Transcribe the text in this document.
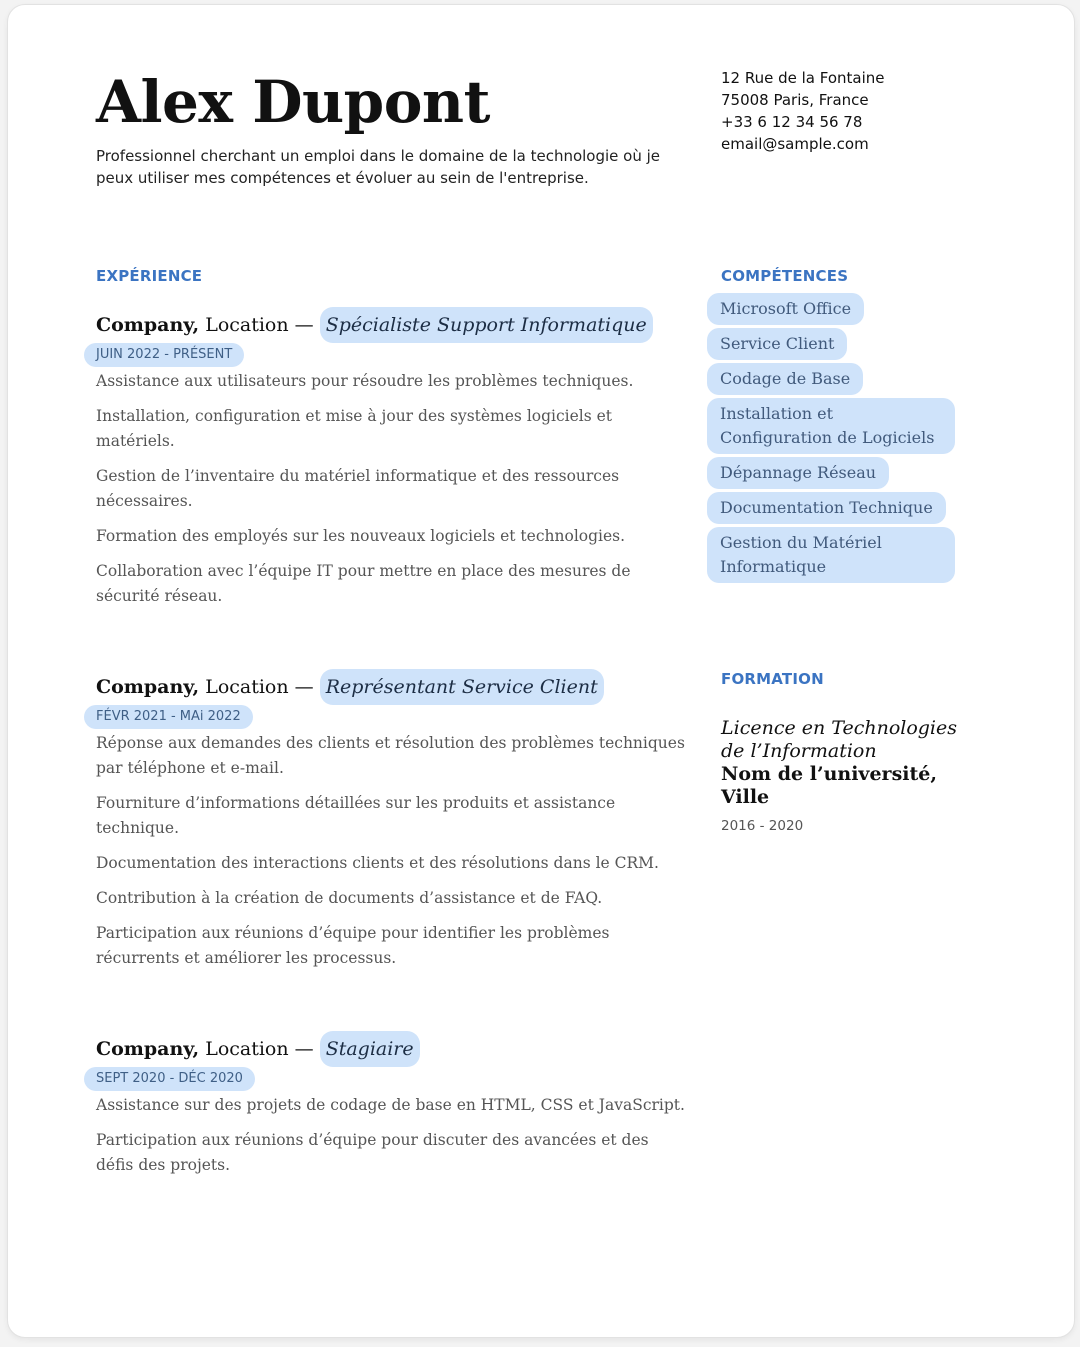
Alex Dupont
Professionnel cherchant un emploi dans le domaine de la technologie où je peux utiliser mes compétences et évoluer au sein de l'entreprise.
12 Rue de la Fontaine
75008 Paris, France
+33 6 12 34 56 78
email@sample.com
EXPÉRIENCE
Company, Location — Spécialiste Support Informatique
JUIN 2022 - PRÉSENT
Assistance aux utilisateurs pour résoudre les problèmes techniques.
Installation, configuration et mise à jour des systèmes logiciels et matériels.
Gestion de l’inventaire du matériel informatique et des ressources nécessaires.
Formation des employés sur les nouveaux logiciels et technologies.
Collaboration avec l’équipe IT pour mettre en place des mesures de sécurité réseau.
Company, Location — Représentant Service Client
FÉVR 2021 - MAi 2022
Réponse aux demandes des clients et résolution des problèmes techniques par téléphone et e-mail.
Fourniture d’informations détaillées sur les produits et assistance technique.
Documentation des interactions clients et des résolutions dans le CRM.
Contribution à la création de documents d’assistance et de FAQ.
Participation aux réunions d’équipe pour identifier les problèmes récurrents et améliorer les processus.
Company, Location — Stagiaire
SEPT 2020 - DÉC 2020
Assistance sur des projets de codage de base en HTML, CSS et JavaScript.
Participation aux réunions d’équipe pour discuter des avancées et des défis des projets.
COMPÉTENCES
Microsoft Office
Service Client
Codage de Base
Installation et Configuration de Logiciels
Dépannage Réseau
Documentation Technique
Gestion du Matériel Informatique
FORMATION
Licence en Technologies de l’Information
Nom de l’université, Ville
2016 - 2020
